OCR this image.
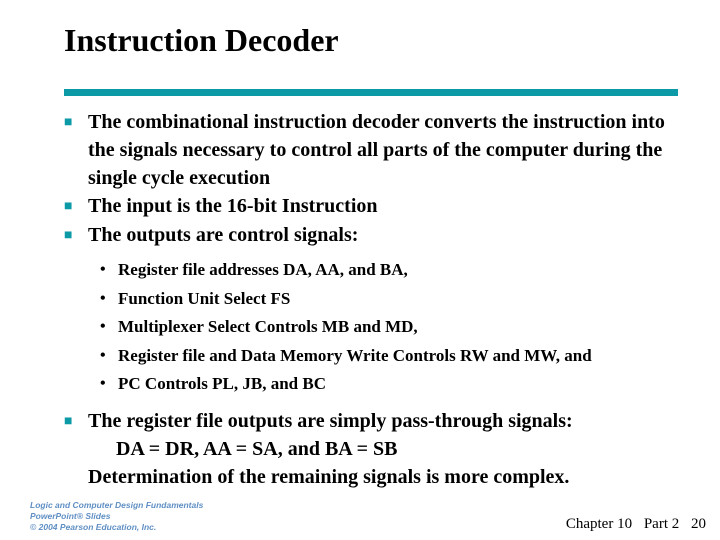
Instruction Decoder
■ The combinational instruction decoder converts the instruction into the signals necessary to control all parts of the computer during the single cycle execution
■ The input is the 16-bit Instruction
■ The outputs are control signals:
• Register file addresses DA, AA, and BA,
• Function Unit Select FS
• Multiplexer Select Controls MB and MD,
• Register file and Data Memory Write Controls RW and MW, and
• PC Controls PL, JB, and BC
■ The register file outputs are simply pass-through signals:
DA = DR, AA = SA, and BA = SB
Determination of the remaining signals is more complex.
Logic and Computer Design Fundamentals
PowerPoint® Slides
© 2004 Pearson Education, Inc.	Chapter 10 Part 2 20
